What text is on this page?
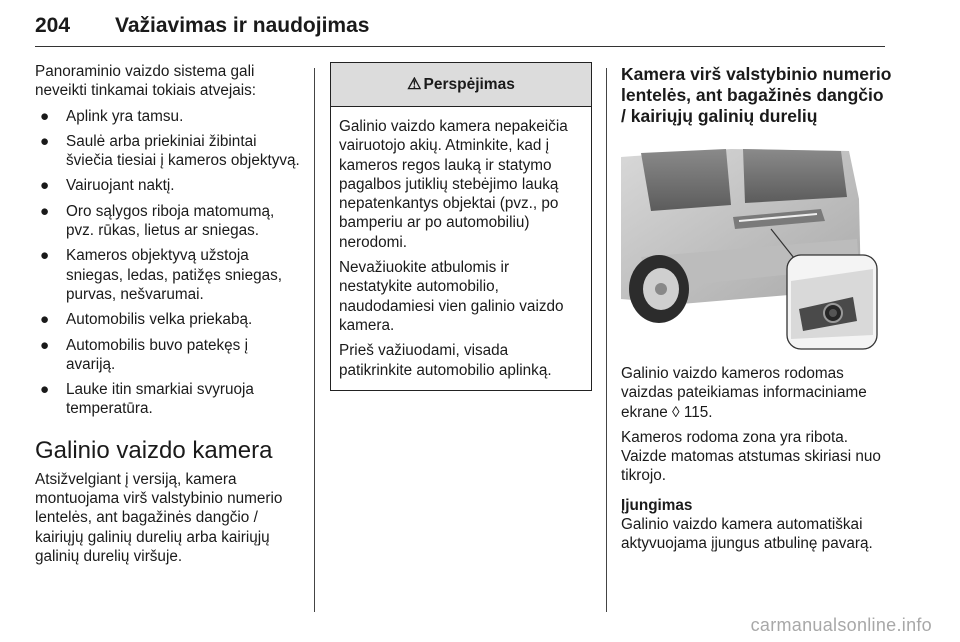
204 Važiavimas ir naudojimas

Panoraminio vaizdo sistema gali neveikti tinkamai tokiais atvejais:

● Aplink yra tamsu.
● Saulė arba priekiniai žibintai šviečia tiesiai į kameros objektyvą.
● Vairuojant naktį.
● Oro sąlygos riboja matomumą, pvz. rūkas, lietus ar sniegas.
● Kameros objektyvą užstoja sniegas, ledas, patižęs sniegas, purvas, nešvarumai.
● Automobilis velka priekabą.
● Automobilis buvo patekęs į avariją.
● Lauke itin smarkiai svyruoja temperatūra.
Galinio vaizdo kamera

Atsižvelgiant į versiją, kamera montuojama virš valstybinio numerio lentelės, ant bagažinės dangčio / kairiųjų galinių durelių arba kairiųjų galinių durelių viršuje.

⚠ Perspėjimas

Galinio vaizdo kamera nepakeičia vairuotojo akių. Atminkite, kad į kameros regos lauką ir statymo pagalbos jutiklių stebėjimo lauką nepatenkantys objektai (pvz., po bamperiu ar po automobiliu) nerodomi.

Nevažiuokite atbulomis ir nestatykite automobilio, naudodamiesi vien galinio vaizdo kamera.

Prieš važiuodami, visada patikrinkite automobilio aplinką.

Kamera virš valstybinio numerio lentelės, ant bagažinės dangčio / kairiųjų galinių durelių

Galinio vaizdo kameros rodomas vaizdas pateikiamas informaciniame ekrane ◊ 115.

Kameros rodoma zona yra ribota. Vaizde matomas atstumas skiriasi nuo tikrojo.

Įjungimas

Galinio vaizdo kamera automatiškai aktyvuojama įjungus atbulinę pavarą.

carmanualsonline.info
